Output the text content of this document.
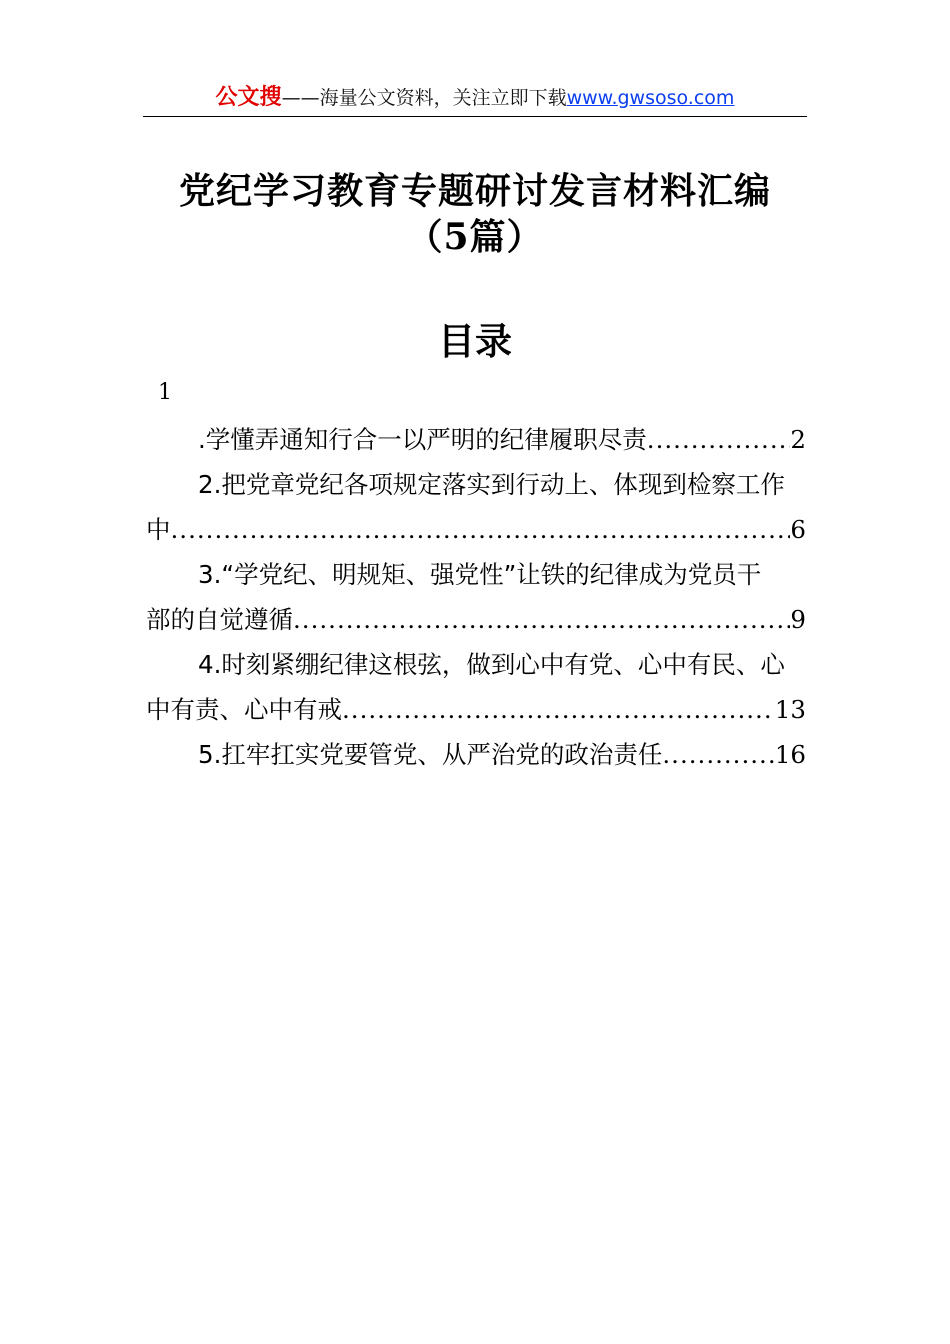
公文搜——海量公文资料，关注立即下载www.gwsoso.com
党纪学习教育专题研讨发言材料汇编（5篇）
目录
1
.学懂弄通知行合一以严明的纪律履职尽责 .....	2
2.把党章党纪各项规定落实到行动上、体现到检察工作
中 .....	6
3.“学党纪、明规矩、强党性”让铁的纪律成为党员干
部的自觉遵循 .....	9
4.时刻紧绷纪律这根弦，做到心中有党、心中有民、心
中有责、心中有戒 .....	13
5.扛牢扛实党要管党、从严治党的政治责任 .....	16
